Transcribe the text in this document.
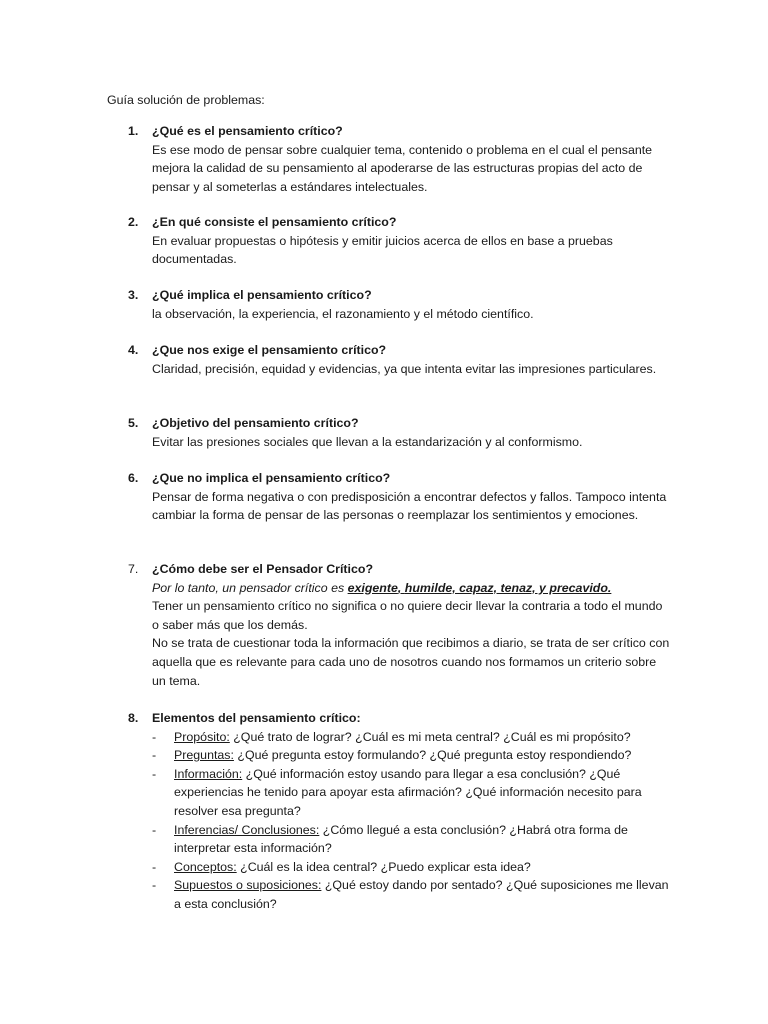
Guía solución de problemas:
1. ¿Qué es el pensamiento crítico?
Es ese modo de pensar sobre cualquier tema, contenido o problema en el cual el pensante mejora la calidad de su pensamiento al apoderarse de las estructuras propias del acto de pensar y al someterlas a estándares intelectuales.
2. ¿En qué consiste el pensamiento crítico?
En evaluar propuestas o hipótesis y emitir juicios acerca de ellos en base a pruebas documentadas.
3. ¿Qué implica el pensamiento crítico?
la observación, la experiencia, el razonamiento y el método científico.
4. ¿Que nos exige el pensamiento crítico?
Claridad, precisión, equidad y evidencias, ya que intenta evitar las impresiones particulares.
5. ¿Objetivo del pensamiento crítico?
Evitar las presiones sociales que llevan a la estandarización y al conformismo.
6. ¿Que no implica el pensamiento crítico?
Pensar de forma negativa o con predisposición a encontrar defectos y fallos. Tampoco intenta cambiar la forma de pensar de las personas o reemplazar los sentimientos y emociones.
7. ¿Cómo debe ser el Pensador Crítico?

Por lo tanto, un pensador crítico es exigente, humilde, capaz, tenaz, y precavido.

Tener un pensamiento crítico no significa o no quiere decir llevar la contraria a todo el mundo o saber más que los demás.

No se trata de cuestionar toda la información que recibimos a diario, se trata de ser crítico con aquella que es relevante para cada uno de nosotros cuando nos formamos un criterio sobre un tema.

8. Elementos del pensamiento crítico:
- Propósito: ¿Qué trato de lograr? ¿Cuál es mi meta central? ¿Cuál es mi propósito?
- Preguntas: ¿Qué pregunta estoy formulando? ¿Qué pregunta estoy respondiendo?
- Información: ¿Qué información estoy usando para llegar a esa conclusión? ¿Qué experiencias he tenido para apoyar esta afirmación? ¿Qué información necesito para resolver esa pregunta?
- Inferencias/ Conclusiones: ¿Cómo llegué a esta conclusión? ¿Habrá otra forma de interpretar esta información?
- Conceptos: ¿Cuál es la idea central? ¿Puedo explicar esta idea?
- Supuestos o suposiciones: ¿Qué estoy dando por sentado? ¿Qué suposiciones me llevan a esta conclusión?
